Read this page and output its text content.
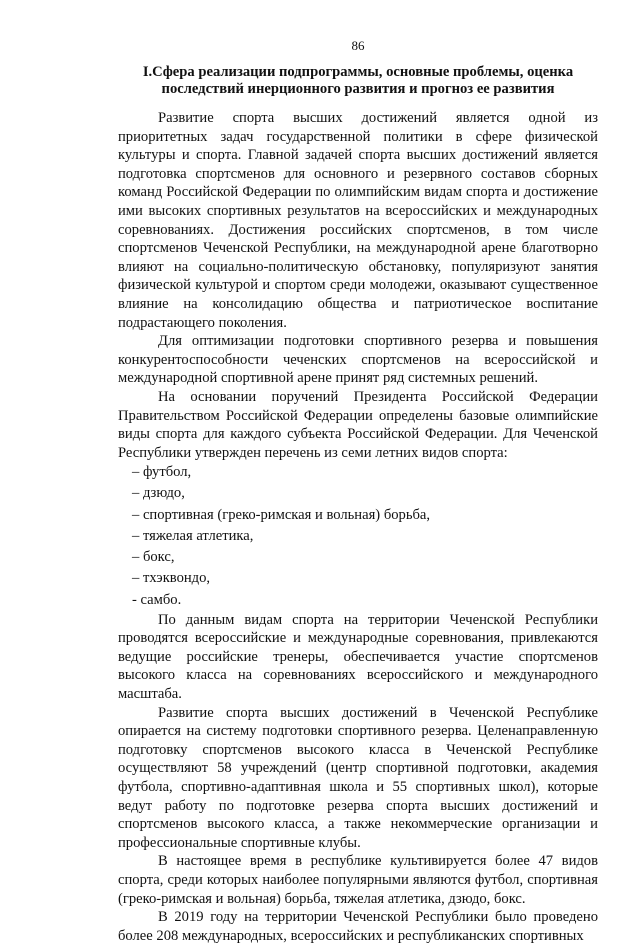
86
I.Сфера реализации подпрограммы, основные проблемы, оценка последствий инерционного развития и прогноз ее развития

Развитие спорта высших достижений является одной из приоритетных задач государственной политики в сфере физической культуры и спорта. Главной задачей спорта высших достижений является подготовка спортсменов для основного и резервного составов сборных команд Российской Федерации по олимпийским видам спорта и достижение ими высоких спортивных результатов на всероссийских и международных соревнованиях. Достижения российских спортсменов, в том числе спортсменов Чеченской Республики, на международной арене благотворно влияют на социально-политическую обстановку, популяризуют занятия физической культурой и спортом среди молодежи, оказывают существенное влияние на консолидацию общества и патриотическое воспитание подрастающего поколения.

Для оптимизации подготовки спортивного резерва и повышения конкурентоспособности чеченских спортсменов на всероссийской и международной спортивной арене принят ряд системных решений.

На основании поручений Президента Российской Федерации Правительством Российской Федерации определены базовые олимпийские виды спорта для каждого субъекта Российской Федерации. Для Чеченской Республики утвержден перечень из семи летних видов спорта:

– футбол,
– дзюдо,
– спортивная (греко-римская и вольная) борьба,
– тяжелая атлетика,
– бокс,
– тхэквондо,
- самбо.

По данным видам спорта на территории Чеченской Республики проводятся всероссийские и международные соревнования, привлекаются ведущие российские тренеры, обеспечивается участие спортсменов высокого класса на соревнованиях всероссийского и международного масштаба.

Развитие спорта высших достижений в Чеченской Республике опирается на систему подготовки спортивного резерва. Целенаправленную подготовку спортсменов высокого класса в Чеченской Республике осуществляют 58 учреждений (центр спортивной подготовки, академия футбола, спортивно-адаптивная школа и 55 спортивных школ), которые ведут работу по подготовке резерва спорта высших достижений и спортсменов высокого класса, а также некоммерческие организации и профессиональные спортивные клубы.

В настоящее время в республике культивируется более 47 видов спорта, среди которых наиболее популярными являются футбол, спортивная (греко-римская и вольная) борьба, тяжелая атлетика, дзюдо, бокс.

В 2019 году на территории Чеченской Республики было проведено более 208 международных, всероссийских и республиканских спортивных
